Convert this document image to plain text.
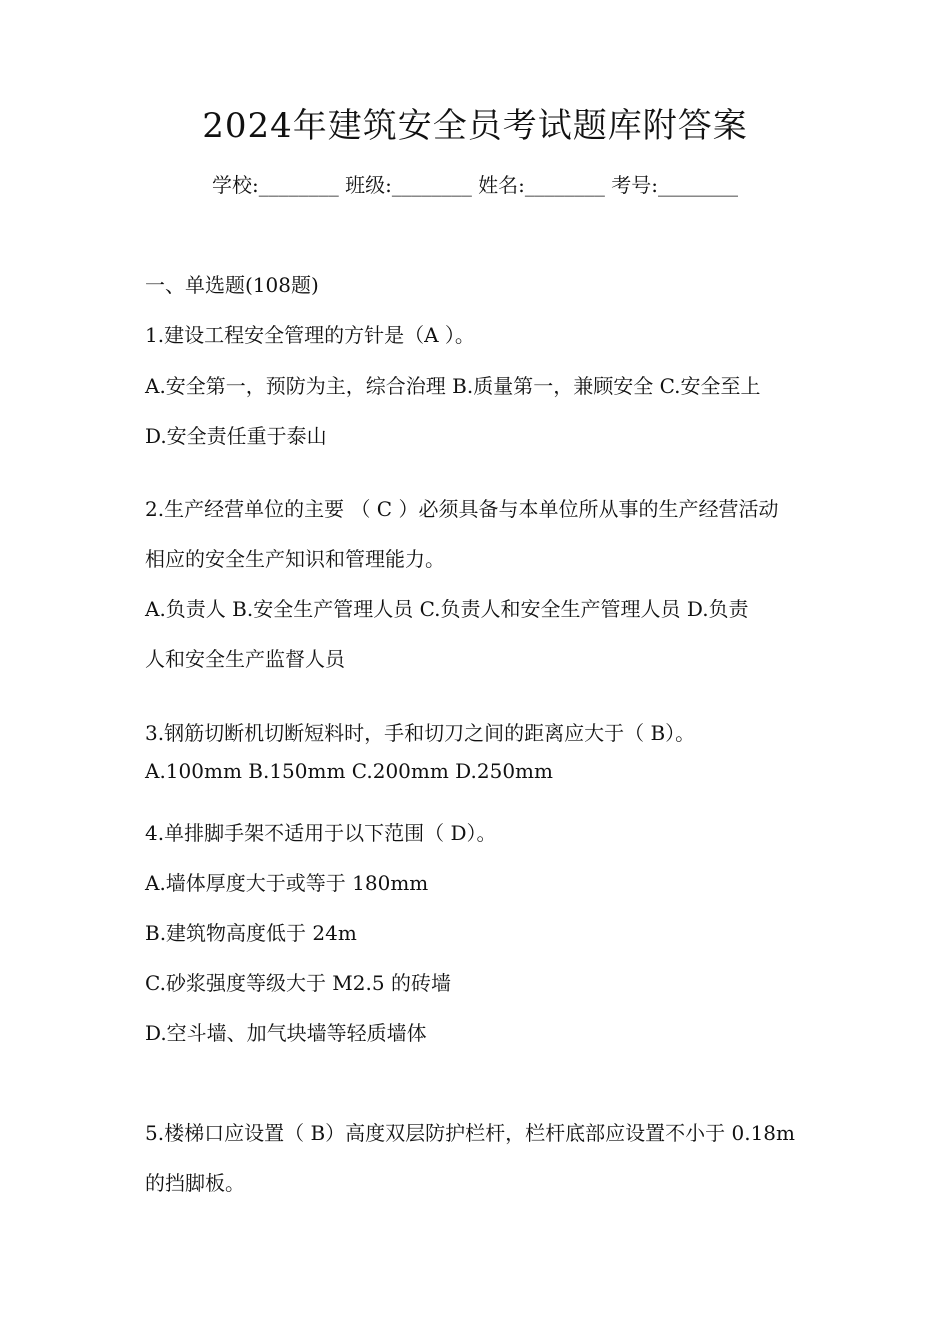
2024年建筑安全员考试题库附答案
学校:________ 班级:________ 姓名:________ 考号:________
一、单选题(108题)
1.建设工程安全管理的方针是（A ）。
A.安全第一，预防为主，综合治理 B.质量第一，兼顾安全 C.安全至上
D.安全责任重于泰山
2.生产经营单位的主要 （ C ）必须具备与本单位所从事的生产经营活动
相应的安全生产知识和管理能力。
A.负责人 B.安全生产管理人员 C.负责人和安全生产管理人员 D.负责
人和安全生产监督人员
3.钢筋切断机切断短料时，手和切刀之间的距离应大于（ B）。
A.100mm B.150mm C.200mm D.250mm
4.单排脚手架不适用于以下范围（ D）。
A.墙体厚度大于或等于 180mm
B.建筑物高度低于 24m
C.砂浆强度等级大于 M2.5 的砖墙
D.空斗墙、加气块墙等轻质墙体
5.楼梯口应设置（ B）高度双层防护栏杆，栏杆底部应设置不小于 0.18m
的挡脚板。
